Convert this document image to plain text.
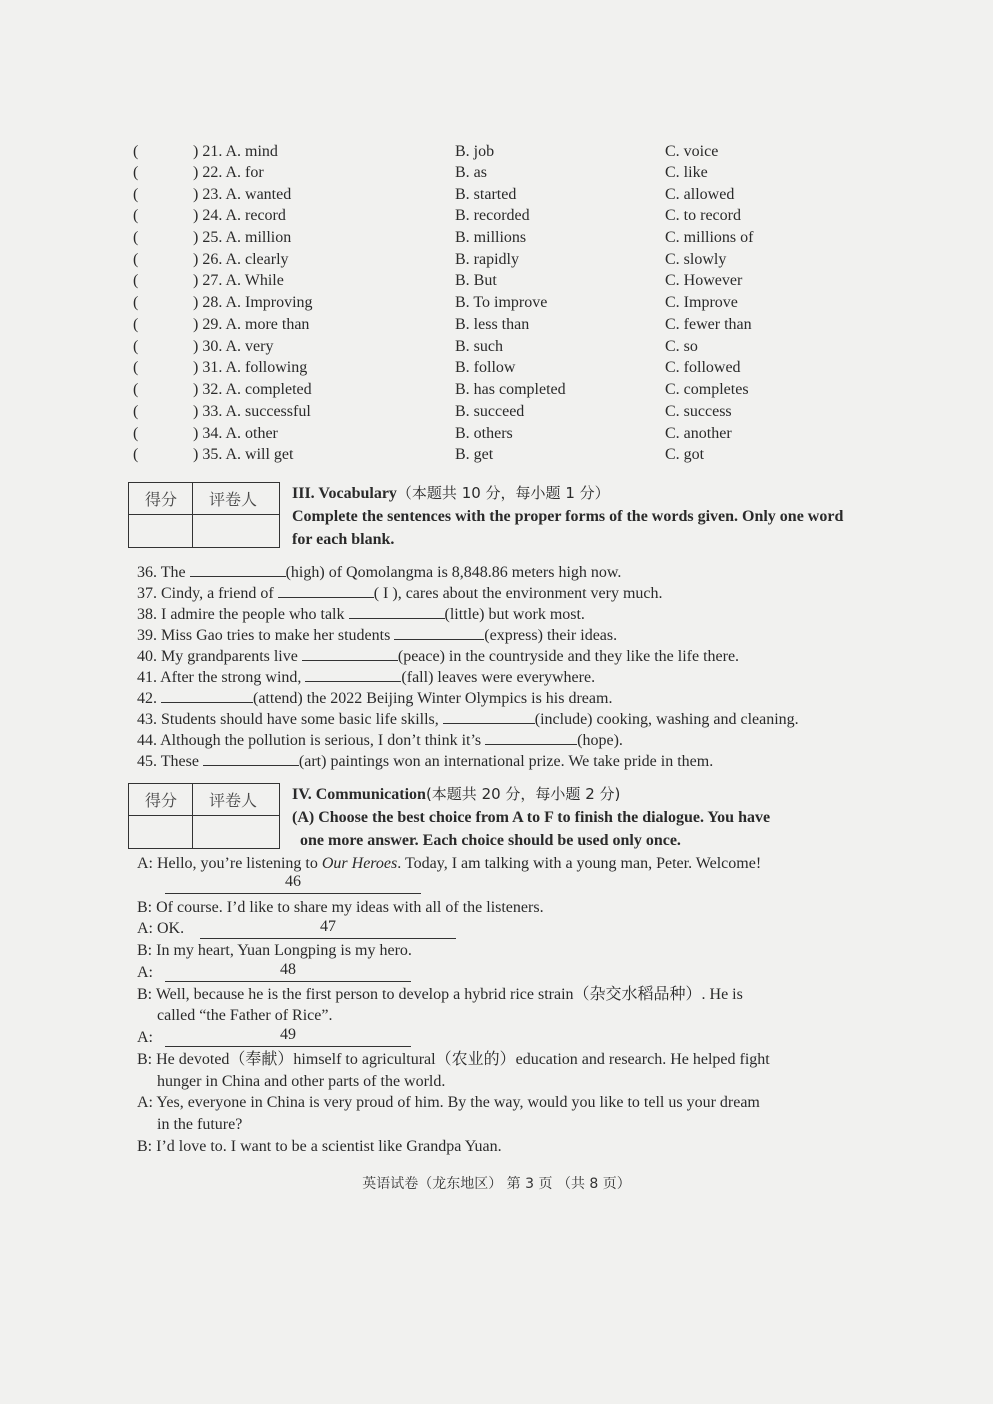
(	) 21. A. mind	B. job	C. voice
(	) 22. A. for	B. as	C. like
(	) 23. A. wanted	B. started	C. allowed
(	) 24. A. record	B. recorded	C. to record
(	) 25. A. million	B. millions	C. millions of
(	) 26. A. clearly	B. rapidly	C. slowly
(	) 27. A. While	B. But	C. However
(	) 28. A. Improving	B. To improve	C. Improve
(	) 29. A. more than	B. less than	C. fewer than
(	) 30. A. very	B. such	C. so
(	) 31. A. following	B. follow	C. followed
(	) 32. A. completed	B. has completed	C. completes
(	) 33. A. successful	B. succeed	C. success
(	) 34. A. other	B. others	C. another
(	) 35. A. will get	B. get	C. got
得分 评卷人 III. Vocabulary（本题共 10 分，每小题 1 分）
Complete the sentences with the proper forms of the words given. Only one word for each blank.
36. The	(high) of Qomolangma is 8,848.86 meters high now.
37. Cindy, a friend of	( I ), cares about the environment very much.
38. I admire the people who talk	(little) but work most.
39. Miss Gao tries to make her students	(express) their ideas.
40. My grandparents live	(peace) in the countryside and they like the life there.
41. After the strong wind,	(fall) leaves were everywhere.
42.	(attend) the 2022 Beijing Winter Olympics is his dream.
43. Students should have some basic life skills,	(include) cooking, washing and cleaning.
44. Although the pollution is serious, I don’t think it’s	(hope).
45. These	(art) paintings won an international prize. We take pride in them.
得分 评卷人 IV. Communication(本题共 20 分，每小题 2 分)
(A) Choose the best choice from A to F to finish the dialogue. You have
one more answer. Each choice should be used only once.
A: Hello, you’re listening to Our Heroes. Today, I am talking with a young man, Peter. Welcome!
46
B: Of course. I’d like to share my ideas with all of the listeners.
A: OK.	47
B: In my heart, Yuan Longping is my hero.
A:	48
B: Well, because he is the first person to develop a hybrid rice strain（杂交水稻品种）. He is
called “the Father of Rice”.
A:	49
B: He devoted（奉献）himself to agricultural（农业的）education and research. He helped fight
hunger in China and other parts of the world.
A: Yes, everyone in China is very proud of him. By the way, would you like to tell us your dream
in the future?
B: I’d love to. I want to be a scientist like Grandpa Yuan.
英语试卷（龙东地区） 第 3 页 （共 8 页）
